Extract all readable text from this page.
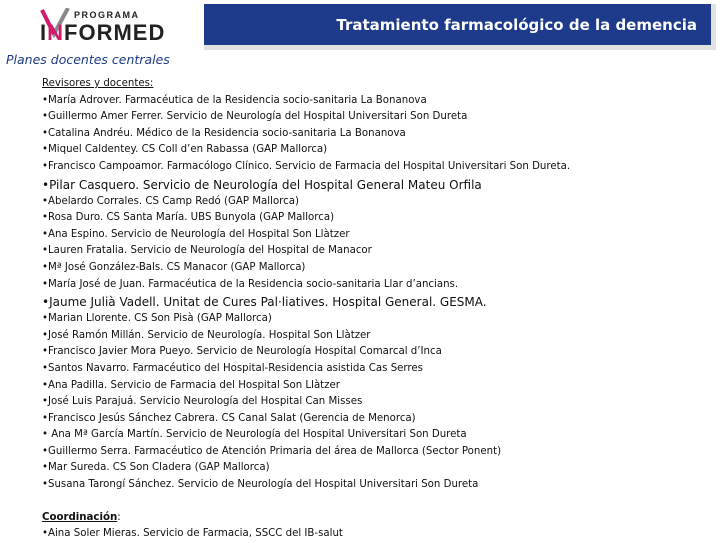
PROGRAMA
INFORMED	Tratamiento farmacológico de la demencia
Planes docentes centrales
Revisores y docentes:
•María Adrover. Farmacéutica de la Residencia socio-sanitaria La Bonanova
•Guillermo Amer Ferrer. Servicio de Neurología del Hospital Universitari Son Dureta
•Catalina Andréu. Médico de la Residencia socio-sanitaria La Bonanova
•Miquel Caldentey. CS Coll d’en Rabassa (GAP Mallorca)
•Francisco Campoamor. Farmacólogo Clínico. Servicio de Farmacia del Hospital Universitari Son Dureta.
•Pilar Casquero. Servicio de Neurología del Hospital General Mateu Orfila
•Abelardo Corrales. CS Camp Redó (GAP Mallorca)
•Rosa Duro. CS Santa María. UBS Bunyola (GAP Mallorca)
•Ana Espino. Servicio de Neurología del Hospital Son Llàtzer
•Lauren Fratalia. Servicio de Neurología del Hospital de Manacor
•Mª José González-Bals. CS Manacor (GAP Mallorca)
•María José de Juan. Farmacéutica de la Residencia socio-sanitaria Llar d’ancians.
•Jaume Julià Vadell. Unitat de Cures Pal·liatives. Hospital General. GESMA.
•Marian Llorente. CS Son Pisà (GAP Mallorca)
•José Ramón Millán. Servicio de Neurología. Hospital Son Llàtzer
•Francisco Javier Mora Pueyo. Servicio de Neurología Hospital Comarcal d’Inca
•Santos Navarro. Farmacéutico del Hospital-Residencia asistida Cas Serres
•Ana Padilla. Servicio de Farmacia del Hospital Son Llàtzer
•José Luis Parajuá. Servicio Neurología del Hospital Can Misses
•Francisco Jesús Sánchez Cabrera. CS Canal Salat (Gerencia de Menorca)
• Ana Mª García Martín. Servicio de Neurología del Hospital Universitari Son Dureta
•Guillermo Serra. Farmacéutico de Atención Primaria del área de Mallorca (Sector Ponent)
•Mar Sureda. CS Son Cladera (GAP Mallorca)
•Susana Tarongí Sánchez. Servicio de Neurología del Hospital Universitari Son Dureta
Coordinación:
•Aina Soler Mieras. Servicio de Farmacia, SSCC del IB-salut
